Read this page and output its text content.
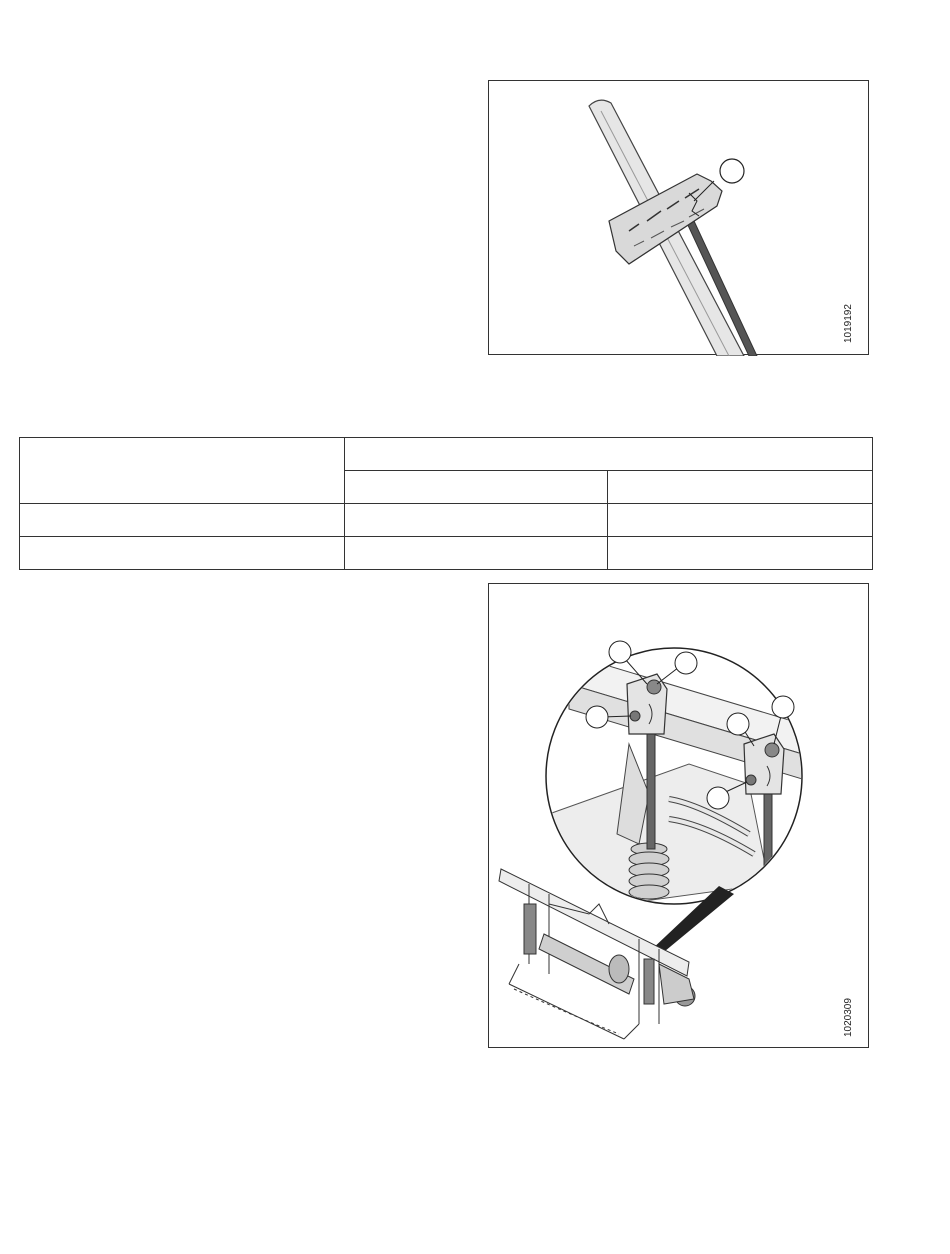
1019192

1020309
